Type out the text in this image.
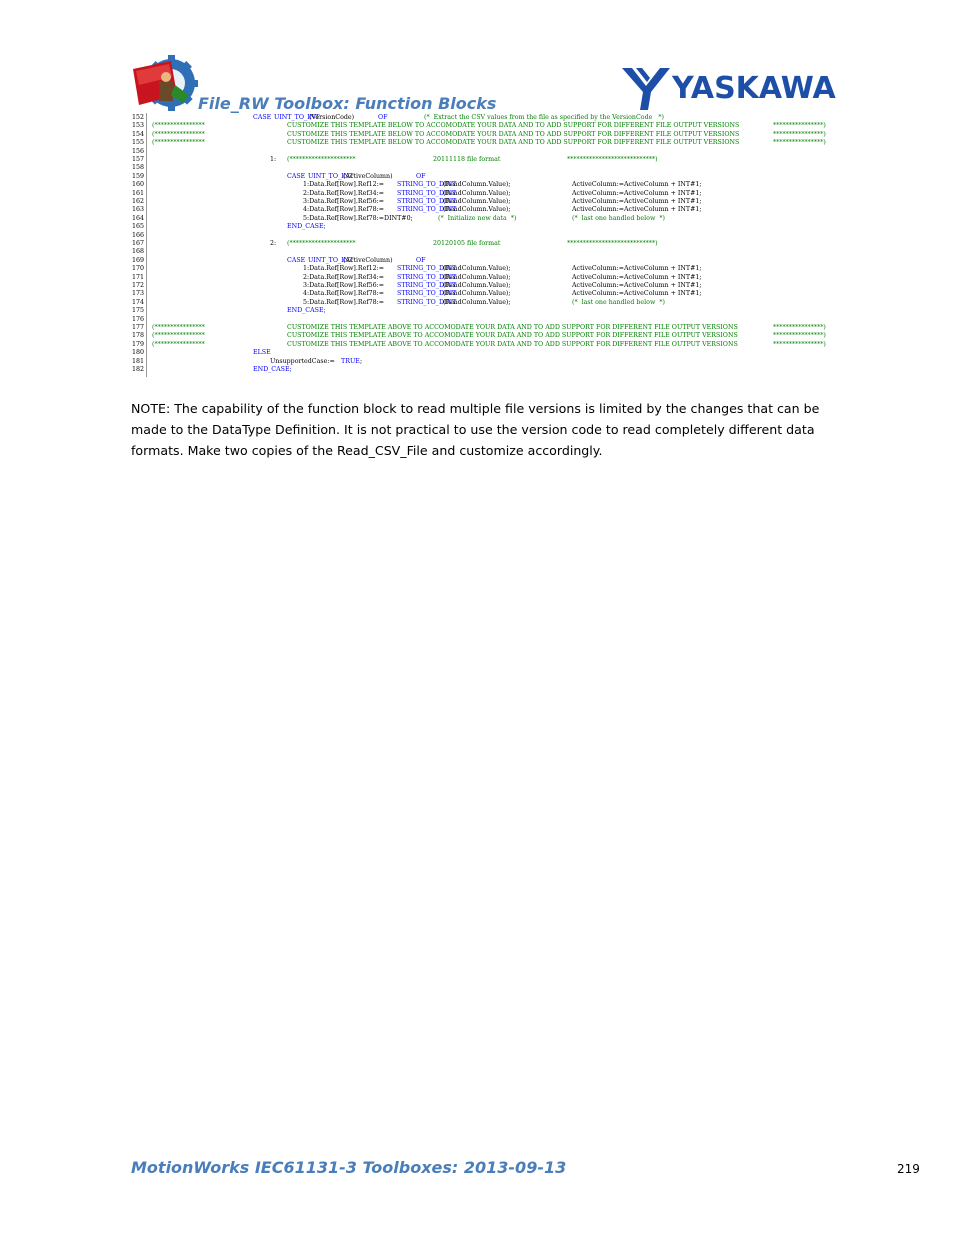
File_RW Toolbox: Function Blocks	YASKAWA
152	CASE UINT_TO_INT
(VersionCode)	OF	(*  Extract the CSV values from the file as specified by the VersionCode   *)
153 (****************	CUSTOMIZE THIS TEMPLATE BELOW TO ACCOMODATE YOUR DATA AND TO ADD SUPPORT FOR DIFFERENT FILE OUTPUT VERSIONS	****************)
154 (****************	CUSTOMIZE THIS TEMPLATE BELOW TO ACCOMODATE YOUR DATA AND TO ADD SUPPORT FOR DIFFERENT FILE OUTPUT VERSIONS	****************)
155 (****************	CUSTOMIZE THIS TEMPLATE BELOW TO ACCOMODATE YOUR DATA AND TO ADD SUPPORT FOR DIFFERENT FILE OUTPUT VERSIONS	****************)
156
157	1: (*********************	20111118 file format	****************************)
158
159	CASE UINT_TO_INT
(ActiveColumn)	OF
160	1:Data.Ref[Row].Ref12:= STRING_TO_DINT
(ReadColumn.Value);	ActiveColumn:=ActiveColumn + INT#1;
161	2:Data.Ref[Row].Ref34:= STRING_TO_DINT
(ReadColumn.Value);	ActiveColumn:=ActiveColumn + INT#1;
162	3:Data.Ref[Row].Ref56:= STRING_TO_DINT
(ReadColumn.Value);	ActiveColumn:=ActiveColumn + INT#1;
163	4:Data.Ref[Row].Ref78:= STRING_TO_DINT
(ReadColumn.Value);	ActiveColumn:=ActiveColumn + INT#1;
164	5:Data.Ref[Row].Ref78:=DINT#0;	(*  Initialize new data  *)	(*  last one handled below  *)
165	END_CASE;
166
167	2: (*********************	20120105 file format	****************************)
168
169	CASE UINT_TO_INT
(ActiveColumn)	OF
170	1:Data.Ref[Row].Ref12:= STRING_TO_DINT
(ReadColumn.Value);	ActiveColumn:=ActiveColumn + INT#1;
171	2:Data.Ref[Row].Ref34:= STRING_TO_DINT
(ReadColumn.Value);	ActiveColumn:=ActiveColumn + INT#1;
172	3:Data.Ref[Row].Ref56:= STRING_TO_DINT
(ReadColumn.Value);	ActiveColumn:=ActiveColumn + INT#1;
173	4:Data.Ref[Row].Ref78:= STRING_TO_DINT
(ReadColumn.Value);	ActiveColumn:=ActiveColumn + INT#1;
174	5:Data.Ref[Row].Ref78:= STRING_TO_DINT
(ReadColumn.Value);	(*  last one handled below  *)
175	END_CASE;
176
177 (****************	CUSTOMIZE THIS TEMPLATE ABOVE TO ACCOMODATE YOUR DATA AND TO ADD SUPPORT FOR DIFFERENT FILE OUTPUT VERSIONS	****************)
178 (****************	CUSTOMIZE THIS TEMPLATE ABOVE TO ACCOMODATE YOUR DATA AND TO ADD SUPPORT FOR DIFFERENT FILE OUTPUT VERSIONS	****************)
179 (****************	CUSTOMIZE THIS TEMPLATE ABOVE TO ACCOMODATE YOUR DATA AND TO ADD SUPPORT FOR DIFFERENT FILE OUTPUT VERSIONS	****************)
180	ELSE
181	UnsupportedCase:= TRUE ;
182	END_CASE;
NOTE: The capability of the function block to read multiple file versions is limited by the changes that can be
made to the DataType Definition. It is not practical to use the version code to read completely different data
formats. Make two copies of the Read_CSV_File and customize accordingly.
MotionWorks IEC61131-3 Toolboxes: 2013-09-13	219
